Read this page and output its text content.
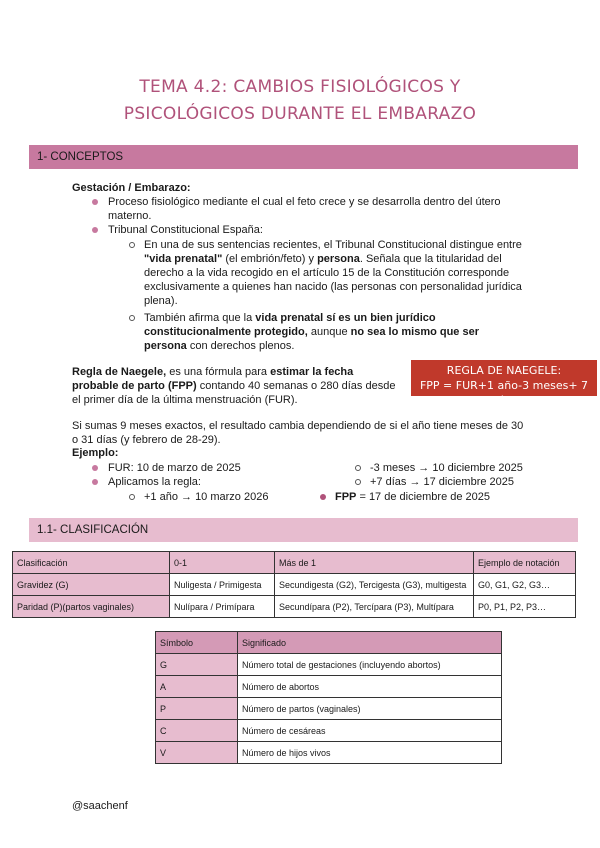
TEMA 4.2: CAMBIOS FISIOLÓGICOS Y
PSICOLÓGICOS DURANTE EL EMBARAZO
1- CONCEPTOS
Gestación / Embarazo:
Proceso fisiológico mediante el cual el feto crece y se desarrolla dentro del útero
materno.
Tribunal Constitucional España:
En una de sus sentencias recientes, el Tribunal Constitucional distingue entre
"vida prenatal" (el embrión/feto) y persona. Señala que la titularidad del
derecho a la vida recogido en el artículo 15 de la Constitución corresponde
exclusivamente a quienes han nacido (las personas con personalidad jurídica
plena).
También afirma que la vida prenatal sí es un bien jurídico
constitucionalmente protegido, aunque no sea lo mismo que ser
persona con derechos plenos.
Regla de Naegele, es una fórmula para estimar la fecha
probable de parto (FPP) contando 40 semanas o 280 días desde
el primer día de la última menstruación (FUR).
REGLA DE NAEGELE:
FPP = FUR+1 año-3 meses+ 7 días
Si sumas 9 meses exactos, el resultado cambia dependiendo de si el año tiene meses de 30
o 31 días (y febrero de 28-29).
Ejemplo:
FUR: 10 de marzo de 2025
Aplicamos la regla:
+1 año → 10 marzo 2026
-3 meses → 10 diciembre 2025
+7 días → 17 diciembre 2025
FPP = 17 de diciembre de 2025
1.1- CLASIFICACIÓN
Clasificación	0-1	Más de 1	Ejemplo de notación
Gravidez (G)	Nuligesta / Primigesta	Secundigesta (G2), Tercigesta (G3), multigesta	G0, G1, G2, G3…
Paridad (P)(partos vaginales)	Nulípara / Primípara	Secundípara (P2), Tercípara (P3), Multípara	P0, P1, P2, P3…
Símbolo	Significado
G	Número total de gestaciones (incluyendo abortos)
A	Número de abortos
P	Número de partos (vaginales)
C	Número de cesáreas
V	Número de hijos vivos
@saachenf
